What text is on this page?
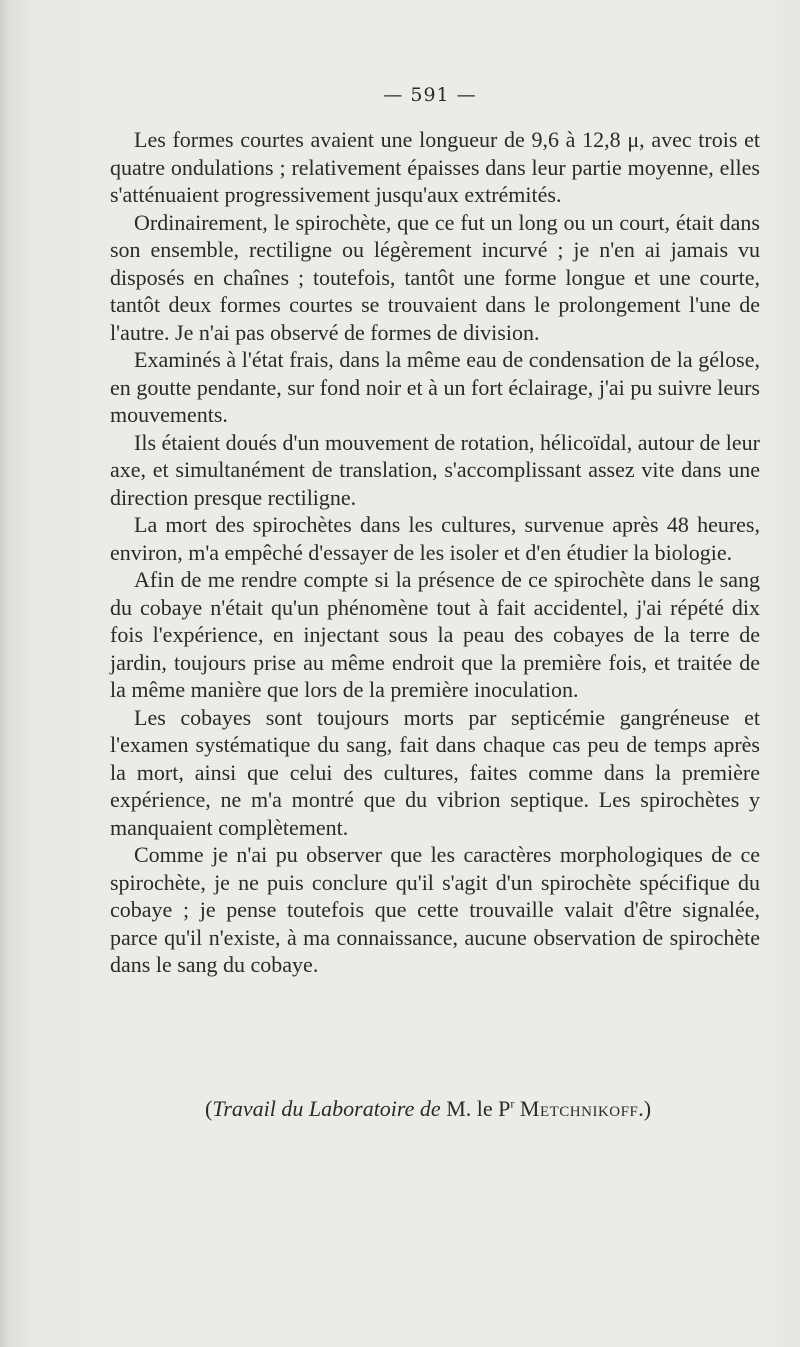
— 591 —

Les formes courtes avaient une longueur de 9,6 à 12,8 μ, avec trois et quatre ondulations ; relativement épaisses dans leur partie moyenne, elles s'atténuaient progressivement jusqu'aux extrémités.

Ordinairement, le spirochète, que ce fut un long ou un court, était dans son ensemble, rectiligne ou légèrement incurvé ; je n'en ai jamais vu disposés en chaînes ; toutefois, tantôt une forme longue et une courte, tantôt deux formes courtes se trouvaient dans le prolongement l'une de l'autre. Je n'ai pas observé de formes de division.

Examinés à l'état frais, dans la même eau de condensation de la gélose, en goutte pendante, sur fond noir et à un fort éclairage, j'ai pu suivre leurs mouvements.

Ils étaient doués d'un mouvement de rotation, hélicoïdal, autour de leur axe, et simultanément de translation, s'accomplissant assez vite dans une direction presque rectiligne.

La mort des spirochètes dans les cultures, survenue après 48 heures, environ, m'a empêché d'essayer de les isoler et d'en étudier la biologie.

Afin de me rendre compte si la présence de ce spirochète dans le sang du cobaye n'était qu'un phénomène tout à fait accidentel, j'ai répété dix fois l'expérience, en injectant sous la peau des cobayes de la terre de jardin, toujours prise au même endroit que la première fois, et traitée de la même manière que lors de la première inoculation.

Les cobayes sont toujours morts par septicémie gangréneuse et l'examen systématique du sang, fait dans chaque cas peu de temps après la mort, ainsi que celui des cultures, faites comme dans la première expérience, ne m'a montré que du vibrion septique. Les spirochètes y manquaient complètement.

Comme je n'ai pu observer que les caractères morphologiques de ce spirochète, je ne puis conclure qu'il s'agit d'un spirochète spécifique du cobaye ; je pense toutefois que cette trouvaille valait d'être signalée, parce qu'il n'existe, à ma connaissance, aucune observation de spirochète dans le sang du cobaye.

(Travail du Laboratoire de M. le $P^r$ Metchnikoff.)
